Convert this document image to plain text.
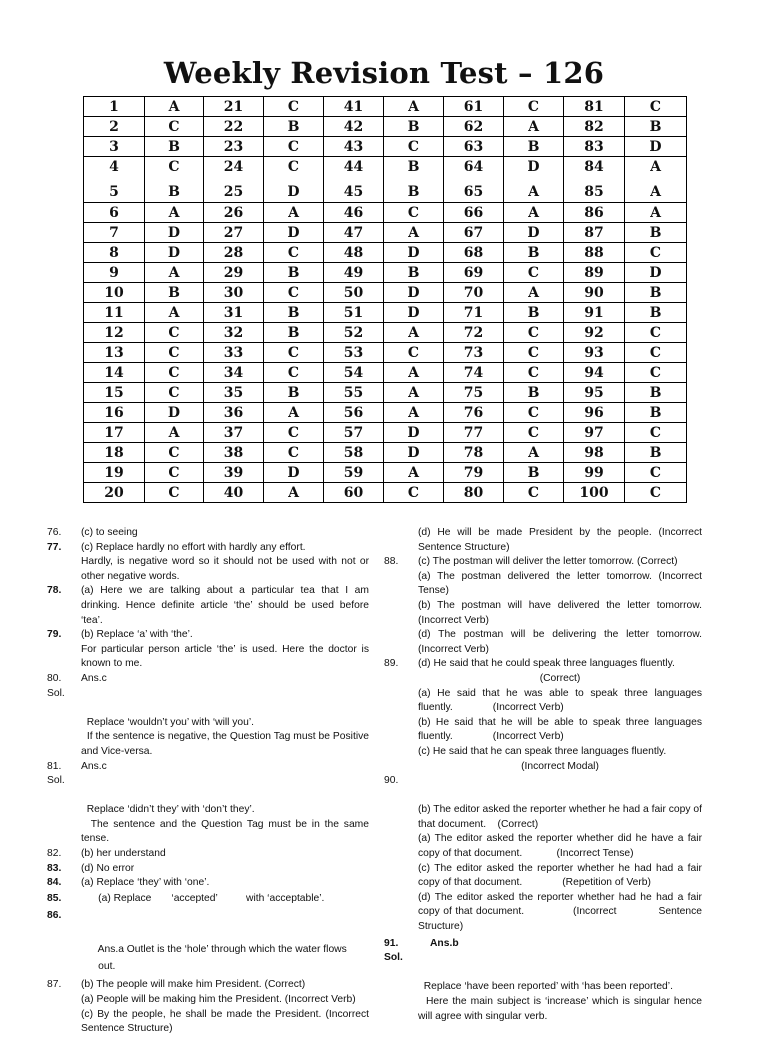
Weekly Revision Test – 126
1	A	21	C	41	A	61	C	81	C
2	C	22	B	42	B	62	A	82	B
3	B	23	C	43	C	63	B	83	D
4	C	24	C	44	B	64	D	84	A

5	B	25	D	45	B	65	A	85	A
6	A	26	A	46	C	66	A	86	A
7	D	27	D	47	A	67	D	87	B
8	D	28	C	48	D	68	B	88	C
9	A	29	B	49	B	69	C	89	D
10	B	30	C	50	D	70	A	90	B
11	A	31	B	51	D	71	B	91	B
12	C	32	B	52	A	72	C	92	C
13	C	33	C	53	C	73	C	93	C
14	C	34	C	54	A	74	C	94	C
15	C	35	B	55	A	75	B	95	B
16	D	36	A	56	A	76	C	96	B
17	A	37	C	57	D	77	C	97	C
18	C	38	C	58	D	78	A	98	B
19	C	39	D	59	A	79	B	99	C
20	C	40	A	60	C	80	C	100	C
76.	(c) to seeing
77.	(c) Replace hardly no effort with hardly any effort.
Hardly, is negative word so it should not be used with not or other negative words.
78.	(a) Here we are talking about a particular tea that I am drinking. Hence definite article ‘the’ should be used before ‘tea’.
79.	(b) Replace ‘a’ with ‘the’.
For particular person article ‘the’ is used. Here the doctor is known to me.
80.	Ans.c
Sol.

Replace ‘wouldn’t you’ with ‘will you’.
If the sentence is negative, the Question Tag must be Positive and Vice-versa.
81.	Ans.c
Sol.

Replace ‘didn’t they’ with ‘don’t they’.
The sentence and the Question Tag must be in the same tense.
82.	(b) her understand
83.	(d) No error
84.	(a) Replace ‘they’ with ‘one’.
85.	(a) Replace       ‘accepted’          with ‘acceptable’.
86.

Ans.a Outlet is the ‘hole’ through which the water flows
out.
87.	(b) The people will make him President. (Correct)
(a) People will be making him the President. (Incorrect Verb)
(c) By the people, he shall be made the President. (Incorrect Sentence Structure)
(d) He will be made President by the people. (Incorrect Sentence Structure)
88.	(c) The postman will deliver the letter tomorrow. (Correct)
(a) The postman delivered the letter tomorrow. (Incorrect Tense)
(b) The postman will have delivered the letter tomorrow. (Incorrect Verb)
(d) The postman will be delivering the letter tomorrow. (Incorrect Verb)
89.	(d) He said that he could speak three languages fluently.
(Correct)
(a) He said that he was able to speak three languages fluently.              (Incorrect Verb)
(b) He said that he will be able to speak three languages fluently.              (Incorrect Verb)
(c) He said that he can speak three languages fluently.
(Incorrect Modal)
90.

(b) The editor asked the reporter whether he had a fair copy of that document.    (Correct)
(a) The editor asked the reporter whether did he have a fair copy of that document.            (Incorrect Tense)
(c) The editor asked the reporter whether he had had a fair copy of that document.              (Repetition of Verb)
(d) The editor asked the reporter whether had he had a fair copy of that document.              (Incorrect            Sentence Structure)
91.	Ans.b
Sol.

Replace ‘have been reported’ with ‘has been reported’.
Here the main subject is ‘increase’ which is singular hence will agree with singular verb.
